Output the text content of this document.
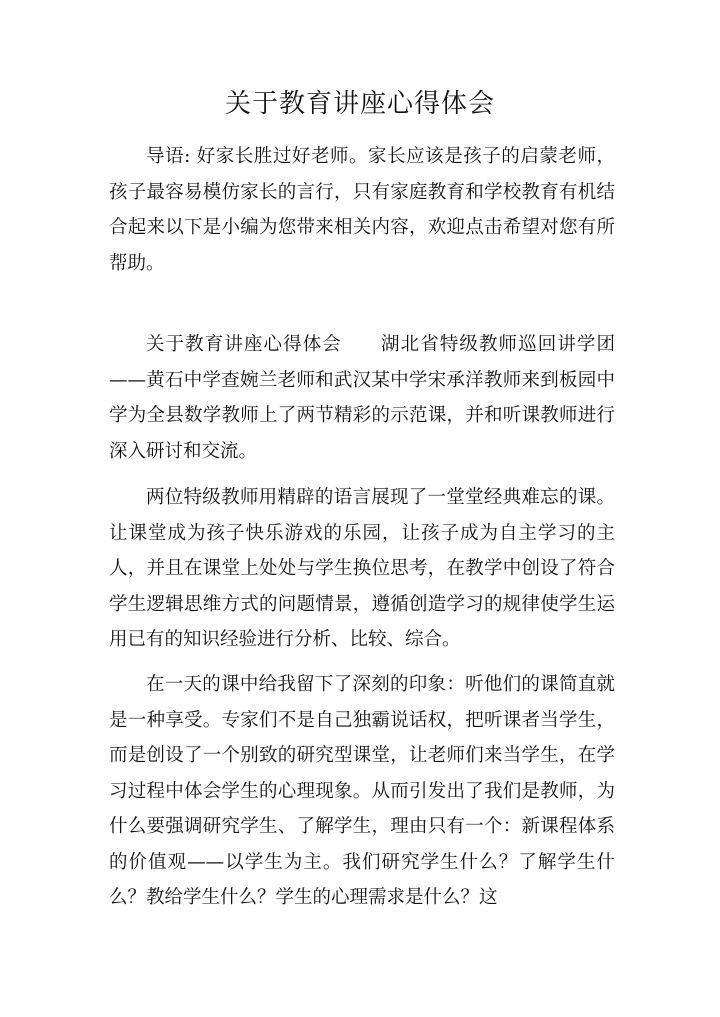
关于教育讲座心得体会

导语: 好家长胜过好老师。家长应该是孩子的启蒙老师，孩子最容易模仿家长的言行，只有家庭教育和学校教育有机结合起来以下是小编为您带来相关内容，欢迎点击希望对您有所帮助。

关于教育讲座心得体会　　湖北省特级教师巡回讲学团——黄石中学查婉兰老师和武汉某中学宋承洋教师来到板园中学为全县数学教师上了两节精彩的示范课，并和听课教师进行深入研讨和交流。

两位特级教师用精辟的语言展现了一堂堂经典难忘的课。让课堂成为孩子快乐游戏的乐园，让孩子成为自主学习的主人，并且在课堂上处处与学生换位思考，在教学中创设了符合学生逻辑思维方式的问题情景，遵循创造学习的规律使学生运用已有的知识经验进行分析、比较、综合。

在一天的课中给我留下了深刻的印象：听他们的课简直就是一种享受。专家们不是自己独霸说话权，把听课者当学生，而是创设了一个别致的研究型课堂，让老师们来当学生，在学习过程中体会学生的心理现象。从而引发出了我们是教师，为什么要强调研究学生、了解学生，理由只有一个：新课程体系的价值观——以学生为主。我们研究学生什么？了解学生什么？教给学生什么？学生的心理需求是什么？这
